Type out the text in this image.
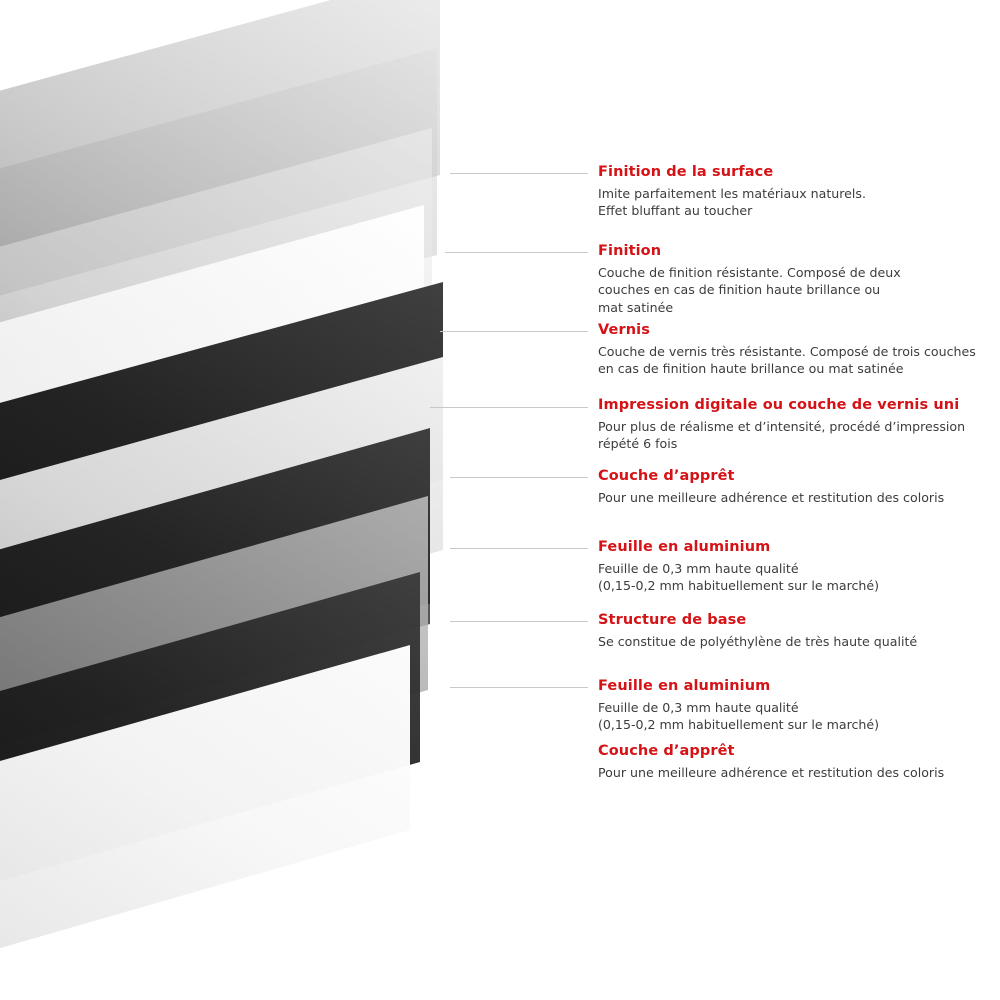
Finition de la surface

Imite parfaitement les matériaux naturels.

Effet bluffant au toucher

Finition

Couche de finition résistante. Composé de deux

couches en cas de finition haute brillance ou

mat satinée

Vernis

Couche de vernis très résistante. Composé de trois couches

en cas de finition haute brillance ou mat satinée

Impression digitale ou couche de vernis uni

Pour plus de réalisme et d’intensité, procédé d’impression

répété 6 fois

Couche d’apprêt

Pour une meilleure adhérence et restitution des coloris

Feuille en aluminium

Feuille de 0,3 mm haute qualité

(0,15-0,2 mm habituellement sur le marché)

Structure de base

Se constitue de polyéthylène de très haute qualité

Feuille en aluminium

Feuille de 0,3 mm haute qualité

(0,15-0,2 mm habituellement sur le marché)

Couche d’apprêt

Pour une meilleure adhérence et restitution des coloris
